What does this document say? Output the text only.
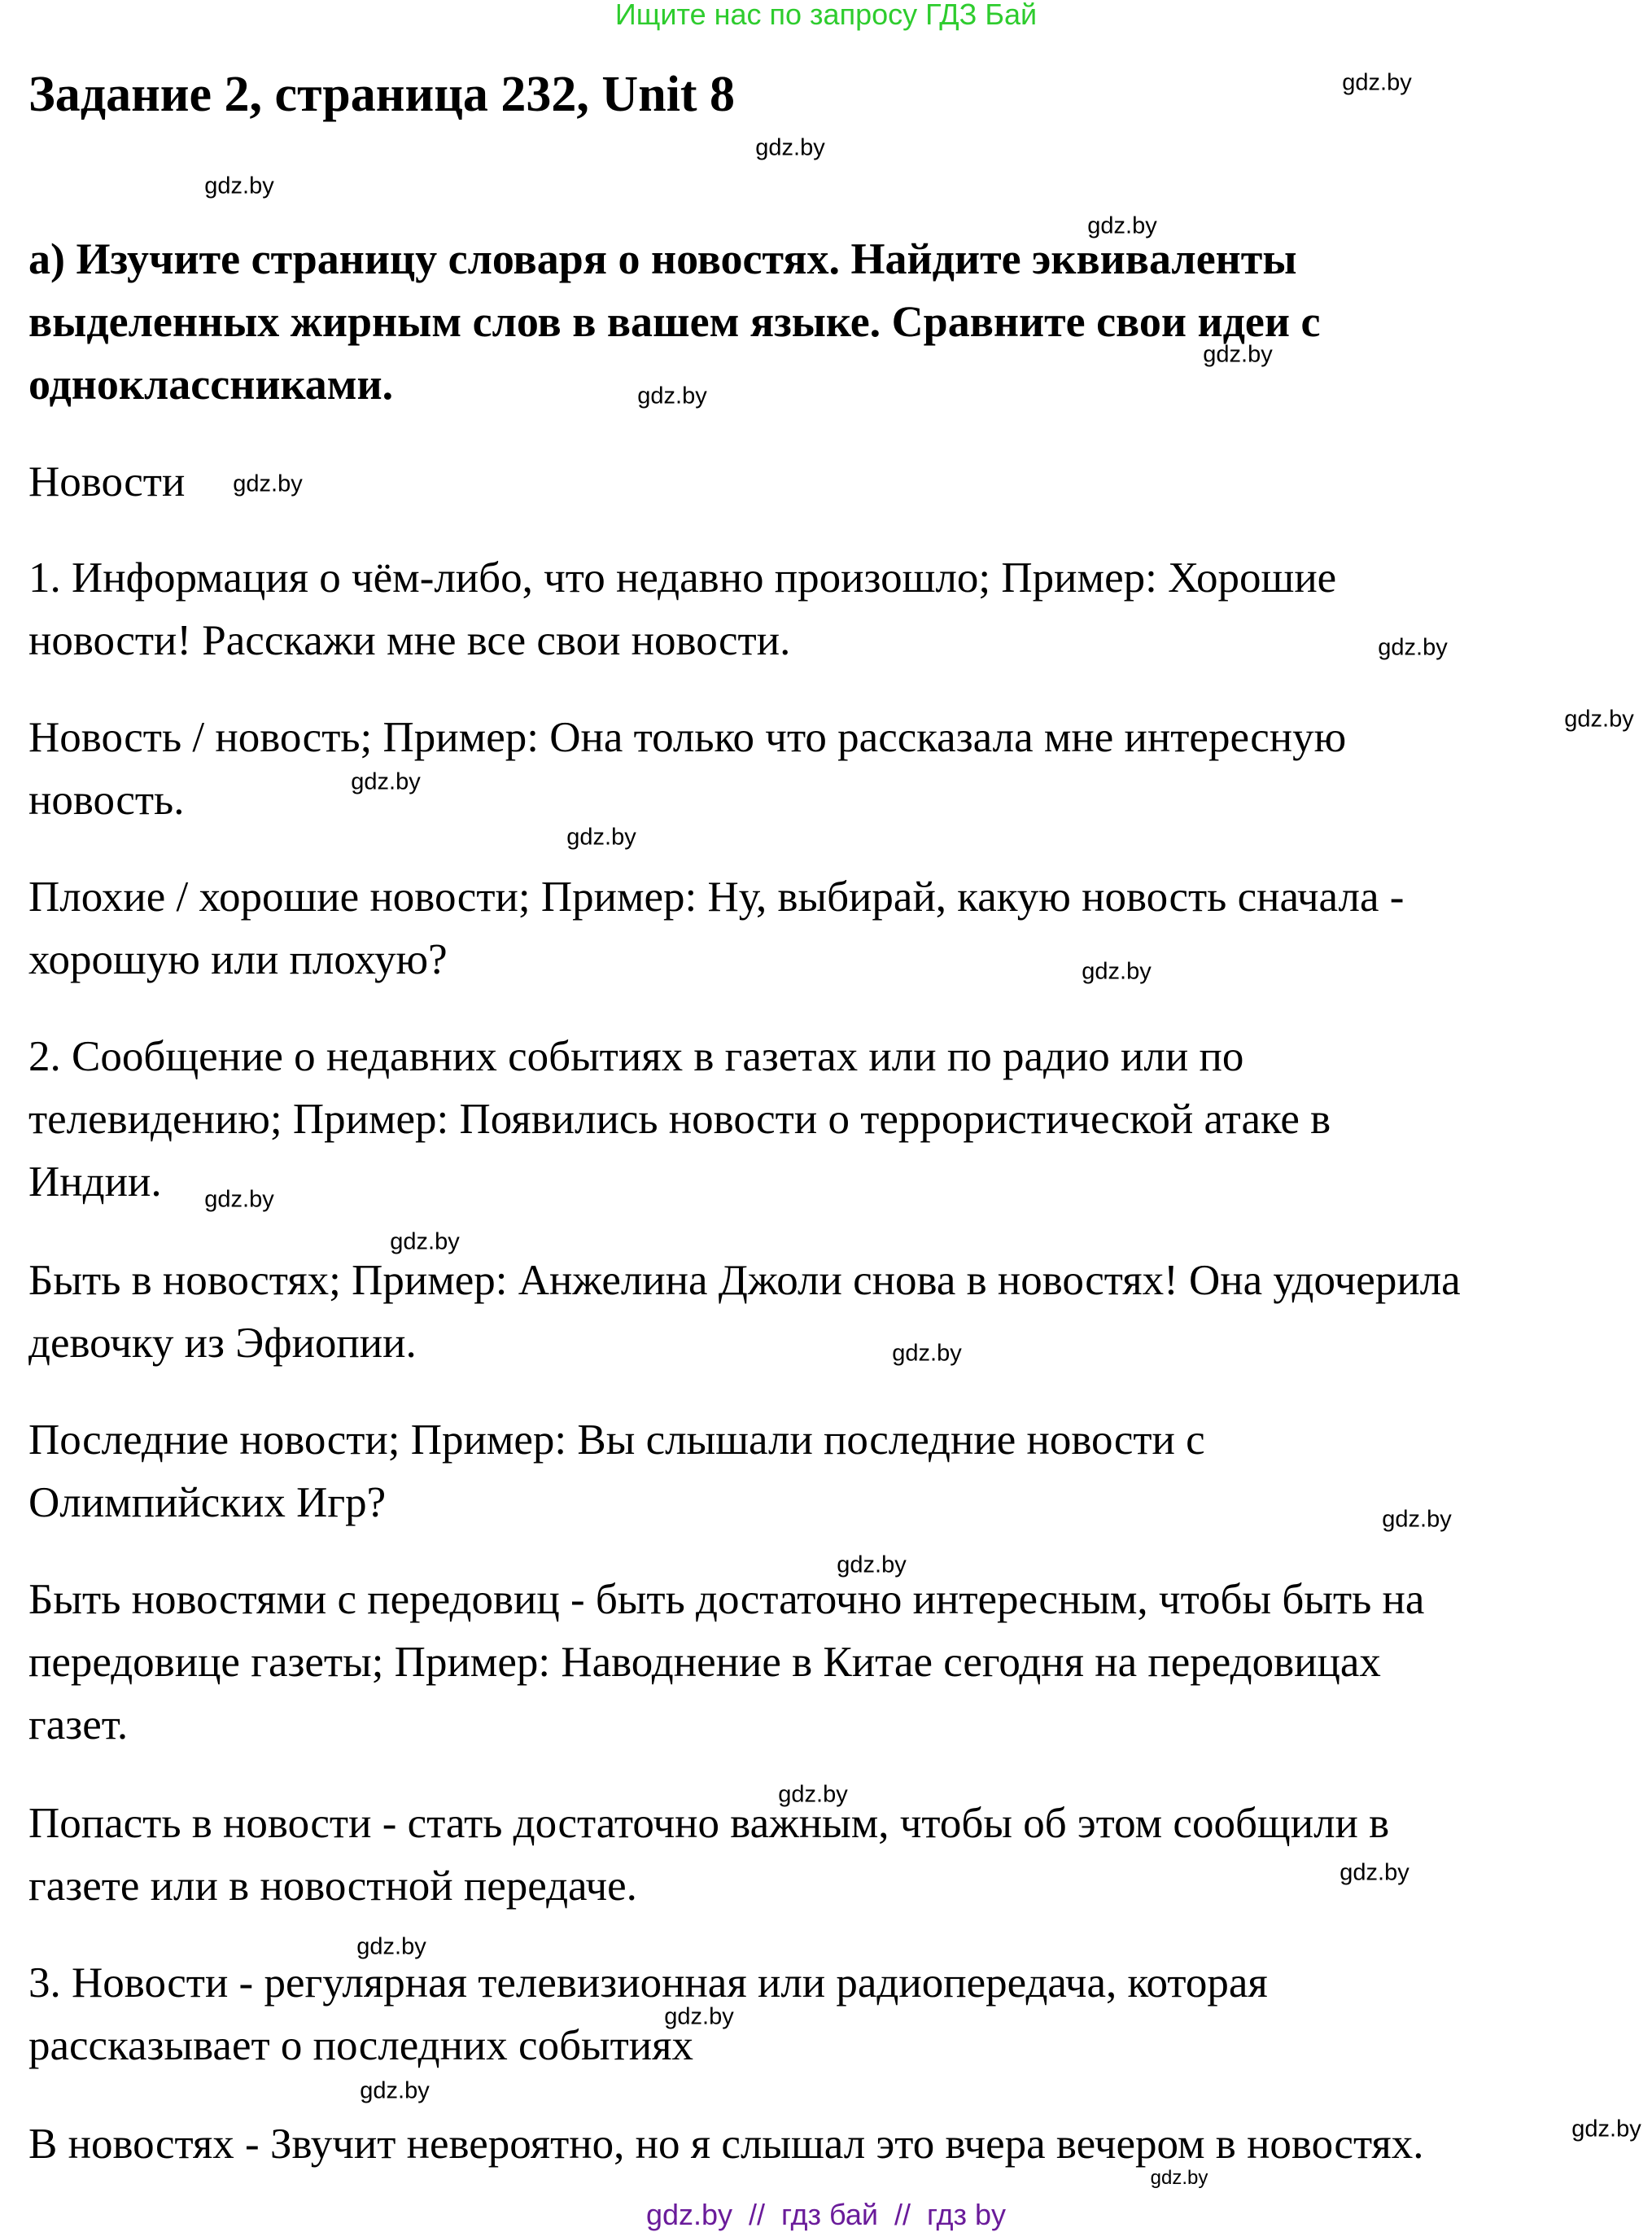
Ищите нас по запросу ГДЗ Бай
Задание 2, страница 232, Unit 8
а) Изучите страницу словаря о новостях. Найдите эквиваленты
выделенных жирным слов в вашем языке. Сравните свои идеи с
одноклассниками.
Новости
1. Информация о чём-либо, что недавно произошло; Пример: Хорошие
новости! Расскажи мне все свои новости.
Новость / новость; Пример: Она только что рассказала мне интересную
новость.
Плохие / хорошие новости; Пример: Ну, выбирай, какую новость сначала -
хорошую или плохую?
2. Сообщение о недавних событиях в газетах или по радио или по
телевидению; Пример: Появились новости о террористической атаке в
Индии.
Быть в новостях; Пример: Анжелина Джоли снова в новостях! Она удочерила
девочку из Эфиопии.
Последние новости; Пример: Вы слышали последние новости с
Олимпийских Игр?
Быть новостями с передовиц - быть достаточно интересным, чтобы быть на
передовице газеты; Пример: Наводнение в Китае сегодня на передовицах
газет.
Попасть в новости - стать достаточно важным, чтобы об этом сообщили в
газете или в новостной передаче.
3. Новости - регулярная телевизионная или радиопередача, которая
рассказывает о последних событиях
В новостях - Звучит невероятно, но я слышал это вчера вечером в новостях.
gdz.by
gdz.by
gdz.by
gdz.by
gdz.by
gdz.by
gdz.by
gdz.by
gdz.by
gdz.by
gdz.by
gdz.by
gdz.by
gdz.by
gdz.by
gdz.by
gdz.by
gdz.by
gdz.by
gdz.by
gdz.by
gdz.by
gdz.by
gdz.by
gdz.by  //  гдз бай  //  гдз by
